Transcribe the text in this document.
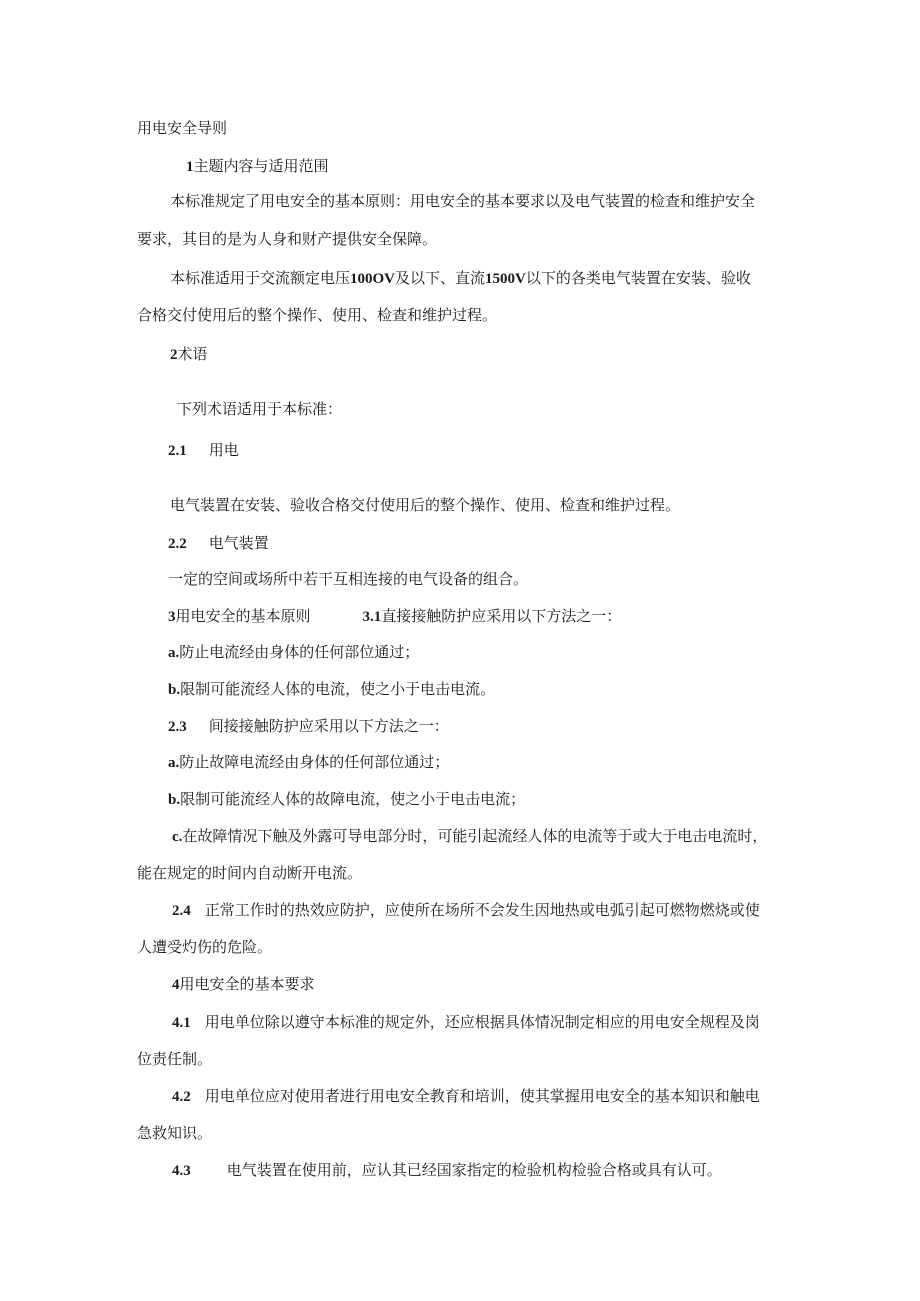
用电安全导则
1主题内容与适用范围
本标准规定了用电安全的基本原则：用电安全的基本要求以及电气装置的检查和维护安全
要求，其目的是为人身和财产提供安全保障。
本标准适用于交流额定电压100OV及以下、直流1500V以下的各类电气装置在安装、验收
合格交付使用后的整个操作、使用、检查和维护过程。
2术语
下列术语适用于本标准：
2.1 用电
电气装置在安装、验收合格交付使用后的整个操作、使用、检查和维护过程。
2.2 电气装置
一定的空间或场所中若干互相连接的电气设备的组合。
3用电安全的基本原则	3.1直接接触防护应采用以下方法之一：
a.防止电流经由身体的任何部位通过；
b.限制可能流经人体的电流，使之小于电击电流。
2.3 间接接触防护应采用以下方法之一：
a.防止故障电流经由身体的任何部位通过；
b.限制可能流经人体的故障电流，使之小于电击电流；
c.在故障情况下触及外露可导电部分时，可能引起流经人体的电流等于或大于电击电流时，
能在规定的时间内自动断开电流。
2.4 正常工作时的热效应防护，应使所在场所不会发生因地热或电弧引起可燃物燃烧或使
人遭受灼伤的危险。
4用电安全的基本要求
4.1 用电单位除以遵守本标准的规定外，还应根据具体情况制定相应的用电安全规程及岗
位责任制。
4.2 用电单位应对使用者进行用电安全教育和培训，使其掌握用电安全的基本知识和触电
急救知识。
4.3 电气装置在使用前，应认其已经国家指定的检验机构检验合格或具有认可。
